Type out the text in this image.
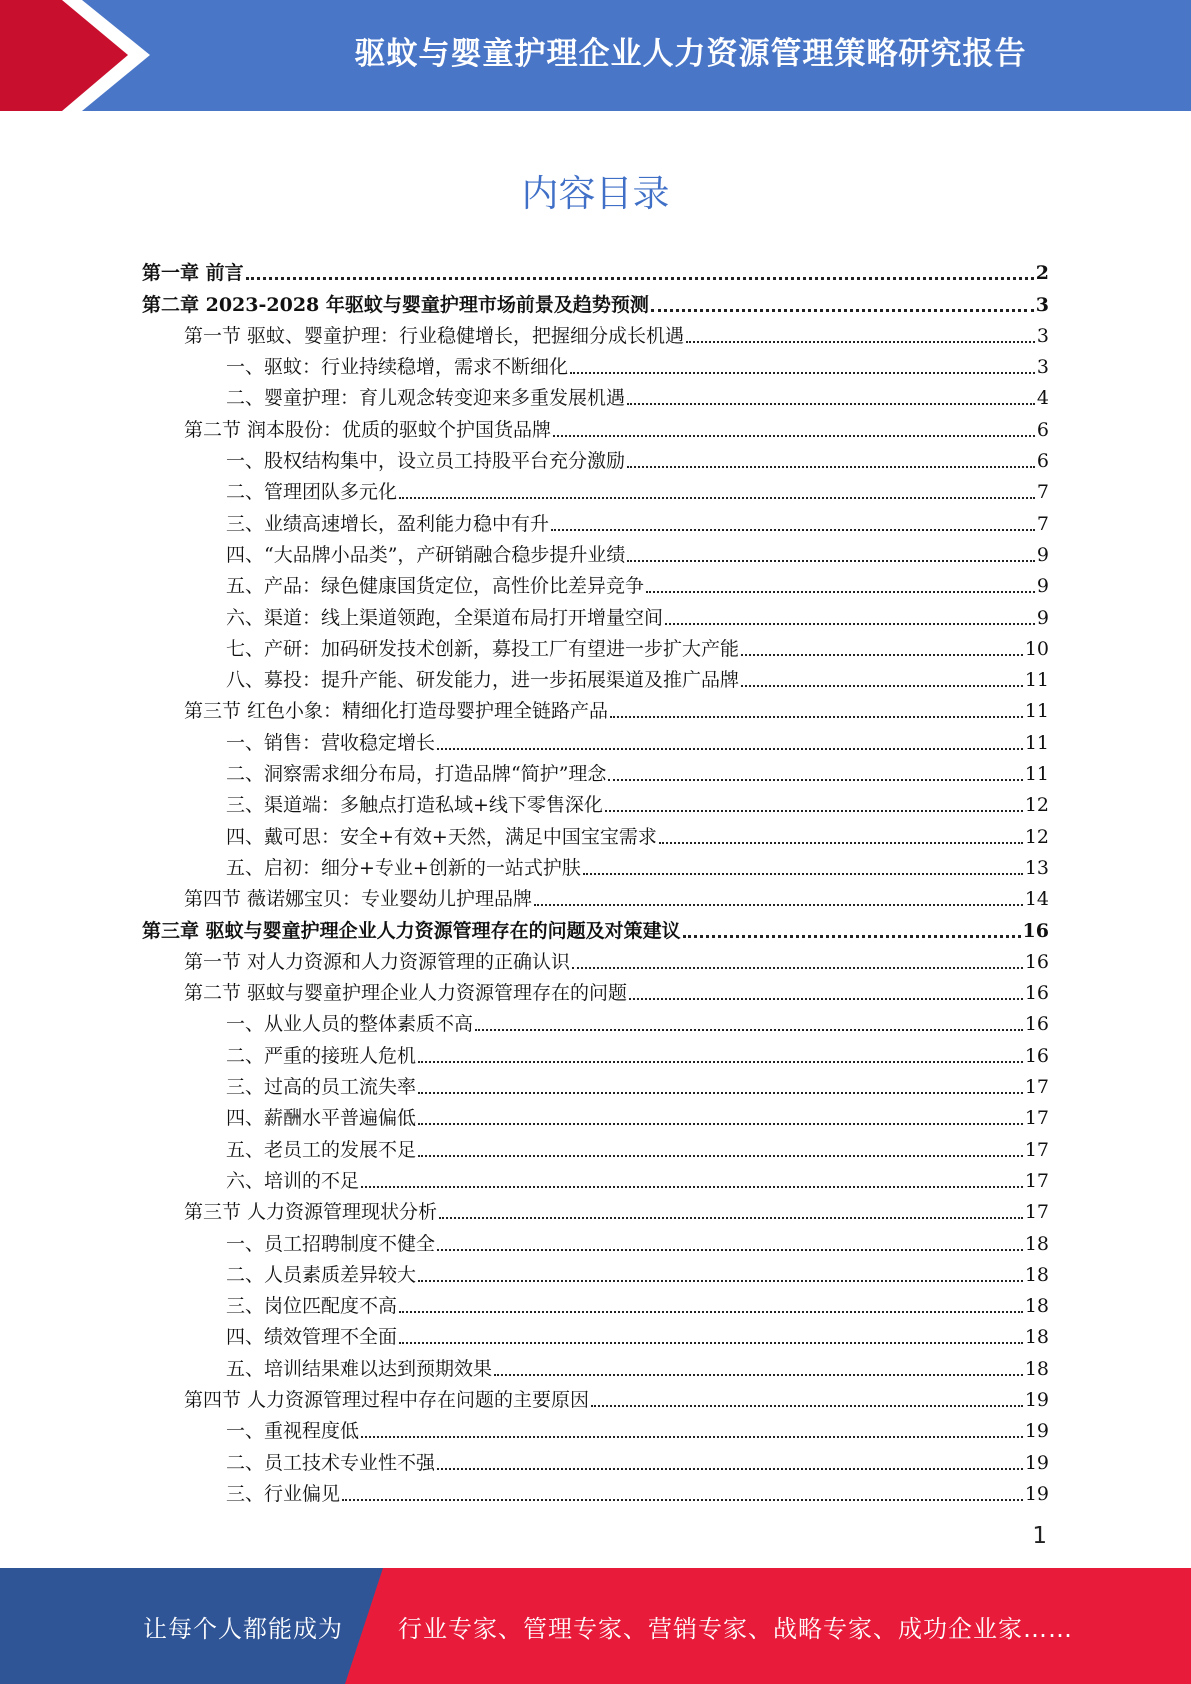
驱蚊与婴童护理企业人力资源管理策略研究报告
内容目录
第一章 前言	2
第二章 2023-2028 年驱蚊与婴童护理市场前景及趋势预测	3
第一节 驱蚊、婴童护理：行业稳健增长，把握细分成长机遇	3
一、驱蚊：行业持续稳增，需求不断细化	3
二、婴童护理：育儿观念转变迎来多重发展机遇	4
第二节 润本股份：优质的驱蚊个护国货品牌	6
一、股权结构集中，设立员工持股平台充分激励	6
二、管理团队多元化	7
三、业绩高速增长，盈利能力稳中有升	7
四、“大品牌小品类”，产研销融合稳步提升业绩	9
五、产品：绿色健康国货定位，高性价比差异竞争	9
六、渠道：线上渠道领跑，全渠道布局打开增量空间	9
七、产研：加码研发技术创新，募投工厂有望进一步扩大产能	10
八、募投：提升产能、研发能力，进一步拓展渠道及推广品牌	11
第三节 红色小象：精细化打造母婴护理全链路产品	11
一、销售：营收稳定增长	11
二、洞察需求细分布局，打造品牌“简护”理念	11
三、渠道端：多触点打造私域+线下零售深化	12
四、戴可思：安全+有效+天然，满足中国宝宝需求	12
五、启初：细分+专业+创新的一站式护肤	13
第四节 薇诺娜宝贝：专业婴幼儿护理品牌	14
第三章 驱蚊与婴童护理企业人力资源管理存在的问题及对策建议	16
第一节 对人力资源和人力资源管理的正确认识	16
第二节 驱蚊与婴童护理企业人力资源管理存在的问题	16
一、从业人员的整体素质不高	16
二、严重的接班人危机	16
三、过高的员工流失率	17
四、薪酬水平普遍偏低	17
五、老员工的发展不足	17
六、培训的不足	17
第三节 人力资源管理现状分析	17
一、员工招聘制度不健全	18
二、人员素质差异较大	18
三、岗位匹配度不高	18
四、绩效管理不全面	18
五、培训结果难以达到预期效果	18
第四节 人力资源管理过程中存在问题的主要原因	19
一、重视程度低	19
二、员工技术专业性不强	19
三、行业偏见	19
1
让每个人都能成为 行业专家、管理专家、营销专家、战略专家、成功企业家……
